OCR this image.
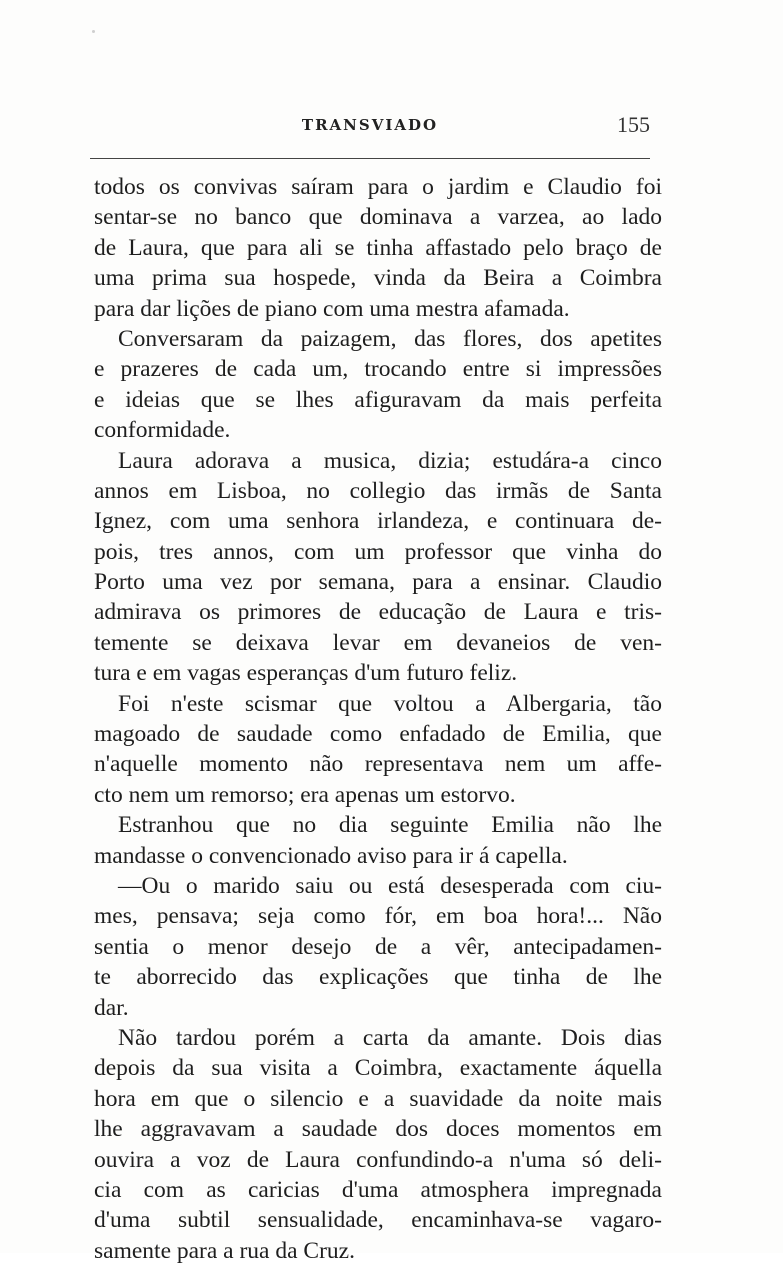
TRANSVIADO	155
todos os convivas saíram para o jardim e Claudio foi
sentar-se no banco que dominava a varzea, ao lado
de Laura, que para ali se tinha affastado pelo braço de
uma prima sua hospede, vinda da Beira a Coimbra
para dar lições de piano com uma mestra afamada.
Conversaram da paizagem, das flores, dos apetites
e prazeres de cada um, trocando entre si impressões
e ideias que se lhes afiguravam da mais perfeita
conformidade.
Laura adorava a musica, dizia; estudára-a cinco
annos em Lisboa, no collegio das irmãs de Santa
Ignez, com uma senhora irlandeza, e continuara de-
pois, tres annos, com um professor que vinha do
Porto uma vez por semana, para a ensinar. Claudio
admirava os primores de educação de Laura e tris-
temente se deixava levar em devaneios de ven-
tura e em vagas esperanças d'um futuro feliz.
Foi n'este scismar que voltou a Albergaria, tão
magoado de saudade como enfadado de Emilia, que
n'aquelle momento não representava nem um affe-
cto nem um remorso; era apenas um estorvo.
Estranhou que no dia seguinte Emilia não lhe
mandasse o convencionado aviso para ir á capella.
—Ou o marido saiu ou está desesperada com ciu-
mes, pensava; seja como fór, em boa hora!... Não
sentia o menor desejo de a vêr, antecipadamen-
te aborrecido das explicações que tinha de lhe
dar.
Não tardou porém a carta da amante. Dois dias
depois da sua visita a Coimbra, exactamente áquella
hora em que o silencio e a suavidade da noite mais
lhe aggravavam a saudade dos doces momentos em
ouvira a voz de Laura confundindo-a n'uma só deli-
cia com as caricias d'uma atmosphera impregnada
d'uma subtil sensualidade, encaminhava-se vagaro-
samente para a rua da Cruz.
